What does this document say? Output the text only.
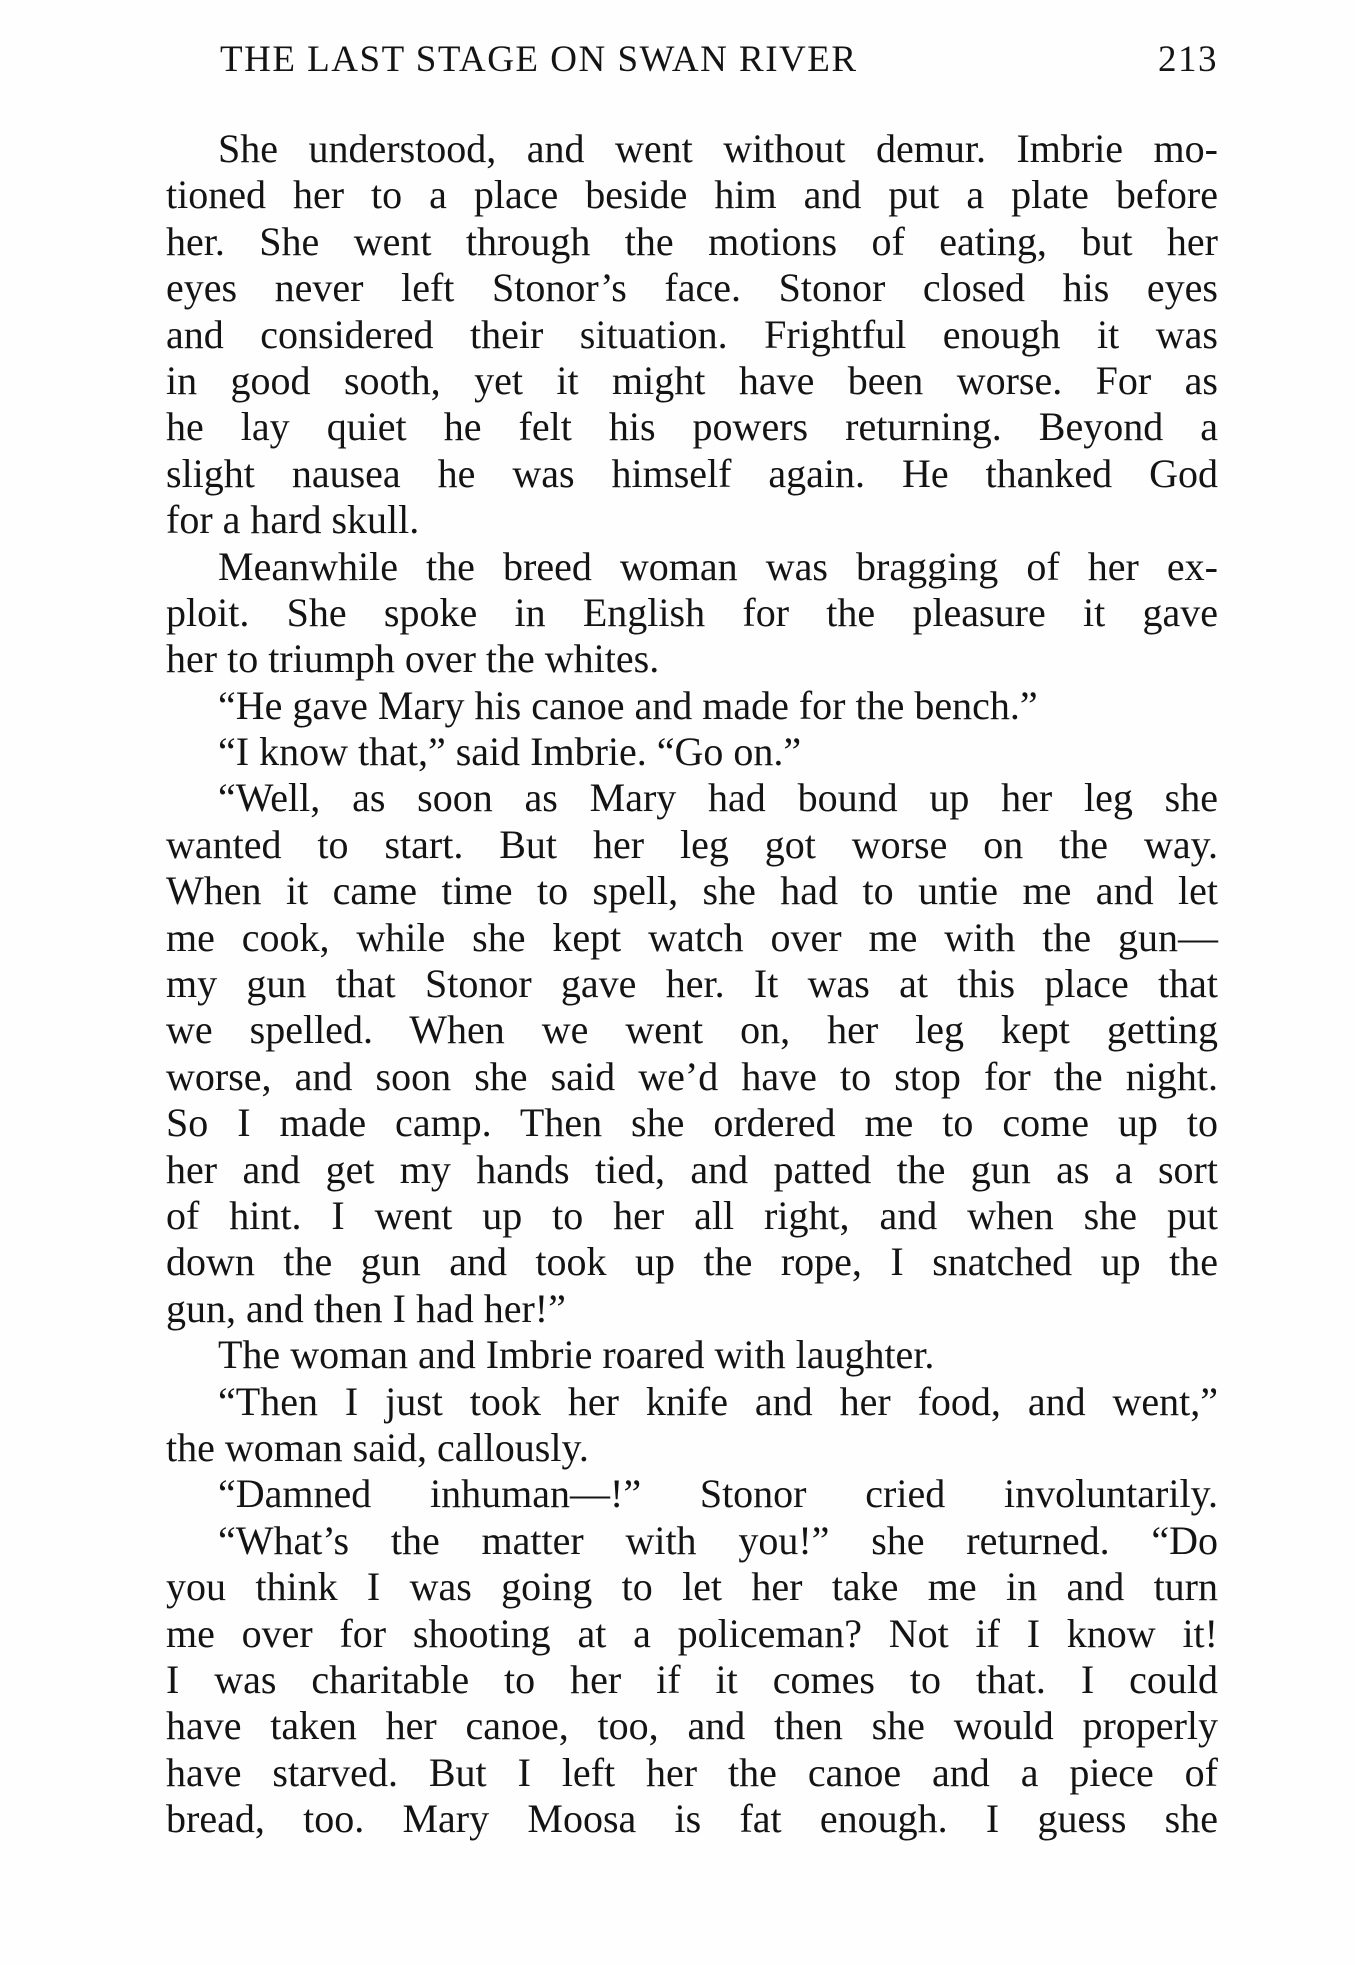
THE LAST STAGE ON SWAN RIVER	213
She understood, and went without demur. Imbrie mo-
tioned her to a place beside him and put a plate before
her. She went through the motions of eating, but her
eyes never left Stonor’s face. Stonor closed his eyes
and considered their situation. Frightful enough it was
in good sooth, yet it might have been worse. For as
he lay quiet he felt his powers returning. Beyond a
slight nausea he was himself again. He thanked God
for a hard skull.
Meanwhile the breed woman was bragging of her ex-
ploit. She spoke in English for the pleasure it gave
her to triumph over the whites.
“He gave Mary his canoe and made for the bench.”
“I know that,” said Imbrie. “Go on.”
“Well, as soon as Mary had bound up her leg she
wanted to start. But her leg got worse on the way.
When it came time to spell, she had to untie me and let
me cook, while she kept watch over me with the gun—
my gun that Stonor gave her. It was at this place that
we spelled. When we went on, her leg kept getting
worse, and soon she said we’d have to stop for the night.
So I made camp. Then she ordered me to come up to
her and get my hands tied, and patted the gun as a sort
of hint. I went up to her all right, and when she put
down the gun and took up the rope, I snatched up the
gun, and then I had her!”
The woman and Imbrie roared with laughter.
“Then I just took her knife and her food, and went,”
the woman said, callously.
“Damned inhuman—!” Stonor cried involuntarily.
“What’s the matter with you!” she returned. “Do
you think I was going to let her take me in and turn
me over for shooting at a policeman? Not if I know it!
I was charitable to her if it comes to that. I could
have taken her canoe, too, and then she would properly
have starved. But I left her the canoe and a piece of
bread, too. Mary Moosa is fat enough. I guess she
